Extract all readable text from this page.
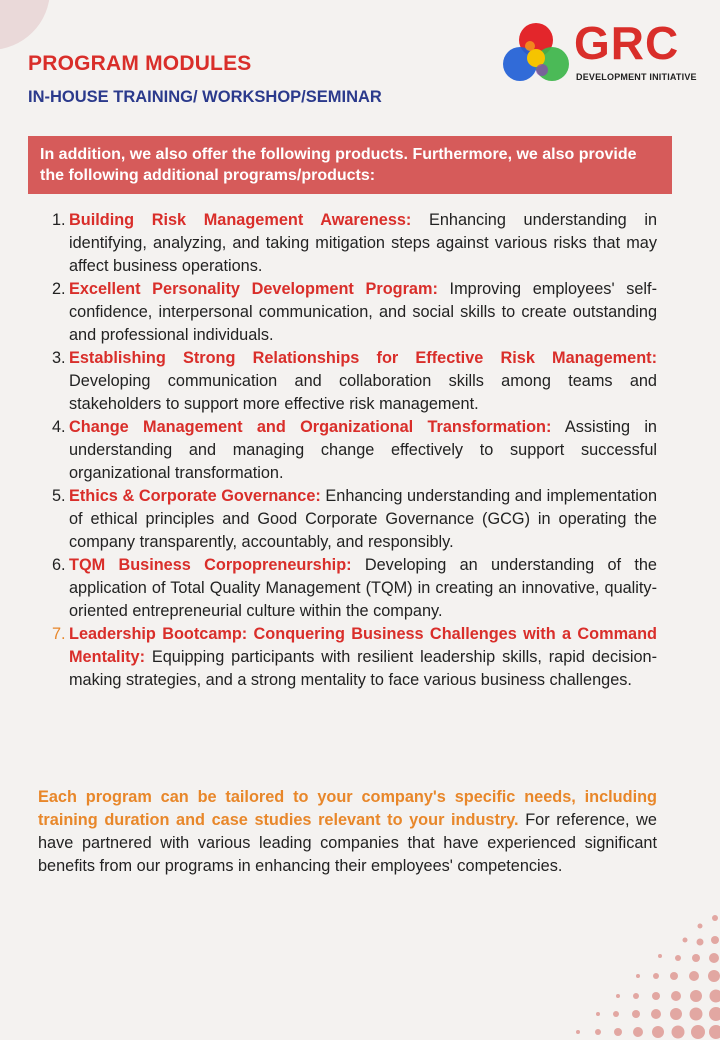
PROGRAM MODULES
IN-HOUSE TRAINING/ WORKSHOP/SEMINAR
GRC
DEVELOPMENT INITIATIVE
In addition, we also offer the following products. Furthermore, we also provide the following additional programs/products:
1. Building Risk Management Awareness: Enhancing understanding in identifying, analyzing, and taking mitigation steps against various risks that may affect business operations.
2. Excellent Personality Development Program: Improving employees' self-confidence, interpersonal communication, and social skills to create outstanding and professional individuals.
3. Establishing Strong Relationships for Effective Risk Management: Developing communication and collaboration skills among teams and stakeholders to support more effective risk management.
4. Change Management and Organizational Transformation: Assisting in understanding and managing change effectively to support successful organizational transformation.
5. Ethics & Corporate Governance: Enhancing understanding and implementation of ethical principles and Good Corporate Governance (GCG) in operating the company transparently, accountably, and responsibly.
6. TQM Business Corpopreneurship: Developing an understanding of the application of Total Quality Management (TQM) in creating an innovative, quality-oriented entrepreneurial culture within the company.
7. Leadership Bootcamp: Conquering Business Challenges with a Command Mentality: Equipping participants with resilient leadership skills, rapid decision-making strategies, and a strong mentality to face various business challenges.
Each program can be tailored to your company's specific needs, including training duration and case studies relevant to your industry. For reference, we have partnered with various leading companies that have experienced significant benefits from our programs in enhancing their employees' competencies.
